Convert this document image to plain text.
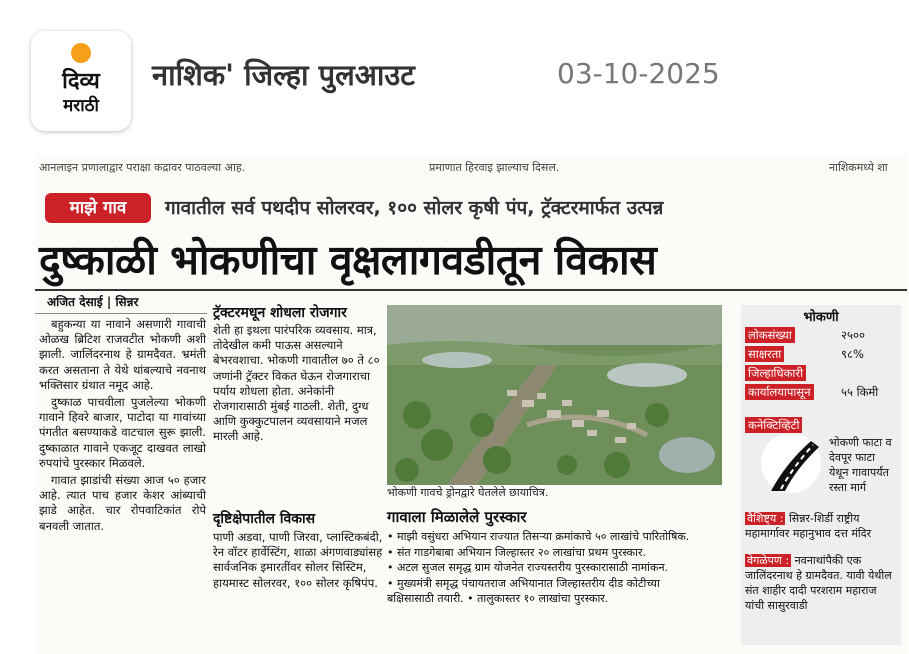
दिव्य
मराठी
नाशिक' जिल्हा पुलआउट	03-10-2025
आनलाइन प्रणालाद्वार पराक्षा कद्रावर पाठवल्या आह.	प्रमाणात हिरवाइ झाल्याच दिसल.	नाशिकमध्ये शा
माझे गाव	गावातील सर्व पथदीप सोलरवर, १०० सोलर कृषी पंप, ट्रॅक्टरमार्फत उत्पन्न
दुष्काळी भोकणीचा वृक्षलागवडीतून विकास
अजित देसाई | सिन्नर

बहुकन्या या नावाने असणारी गावाची ओळख ब्रिटिश राजवटीत भोकणी अशी झाली. जालिंदरनाथ हे ग्रामदैवत. भ्रमंती करत असताना ते येथे थांबल्याचे नवनाथ भक्तिसार ग्रंथात नमूद आहे.

दुष्काळ पाचवीला पुजलेल्या भोकणी गावाने हिवरे बाजार, पाटोदा या गावांच्या पंगतीत बसण्याकडे वाटचाल सुरू झाली. दुष्काळात गावाने एकजूट दाखवत लाखो रुपयांचे पुरस्कार मिळवले.

गावात झाडांची संख्या आज ५० हजार आहे. त्यात पाच हजार केशर आंब्याची झाडे आहेत. चार रोपवाटिकांत रोपे बनवली जातात.

ट्रॅक्टरमधून शोधला रोजगार
शेती हा इथला पारंपरिक व्यवसाय. मात्र, तोदेखील कमी पाऊस असल्याने बेभरवशाचा. भोकणी गावातील ७० ते ८० जणांनी ट्रॅक्टर विकत घेऊन रोजगाराचा पर्याय शोधला होता. अनेकांनी रोजगारासाठी मुंबई गाठली. शेती, दुग्ध आणि कुक्कुटपालन व्यवसायाने मजल मारली आहे.
दृष्टिक्षेपातील विकास
पाणी अडवा, पाणी जिरवा, प्लास्टिकबंदी, रेन वॉटर हार्वेस्टिंग, शाळा अंगणवाड्यांसह सार्वजनिक इमारतींवर सोलर सिस्टिम, हायमास्ट सोलरवर, १०० सोलर कृषिपंप.
भोकणी गावचे ड्रोनद्वारे घेतलेले छायाचित्र.
गावाला मिळालेले पुरस्कार
• माझी वसुंधरा अभियान राज्यात तिसऱ्या क्रमांकाचे ५० लाखांचे पारितोषिक.
• संत गाडगेबाबा अभियान जिल्हास्तर २० लाखांचा प्रथम पुरस्कार.
• अटल सुजल समृद्ध ग्राम योजनेत राज्यस्तरीय पुरस्कारासाठी नामांकन.
• मुख्यमंत्री समृद्ध पंचायतराज अभियानात जिल्हास्तरीय दीड कोटीच्या
बक्षिसासाठी तयारी. • तालुकास्तर १० लाखांचा पुरस्कार.
भोकणी
लोकसंख्या	२५००
साक्षरता	९८%
जिल्हाधिकारी
कार्यालयापासून	५५ किमी
कनेक्टिव्हिटी
भोकणी फाटा व देवपूर फाटा येथून गावापर्यंत रस्ता मार्ग
वैशिष्ट्य : सिन्नर-शिर्डी राष्ट्रीय महामार्गावर महानुभाव दत्त मंदिर
वेगळेपण : नवनाथांपैकी एक जालिंदरनाथ हे ग्रामदैवत. यावी येथील संत शाहीर दादी परशराम महाराज यांची सासुरवाडी
